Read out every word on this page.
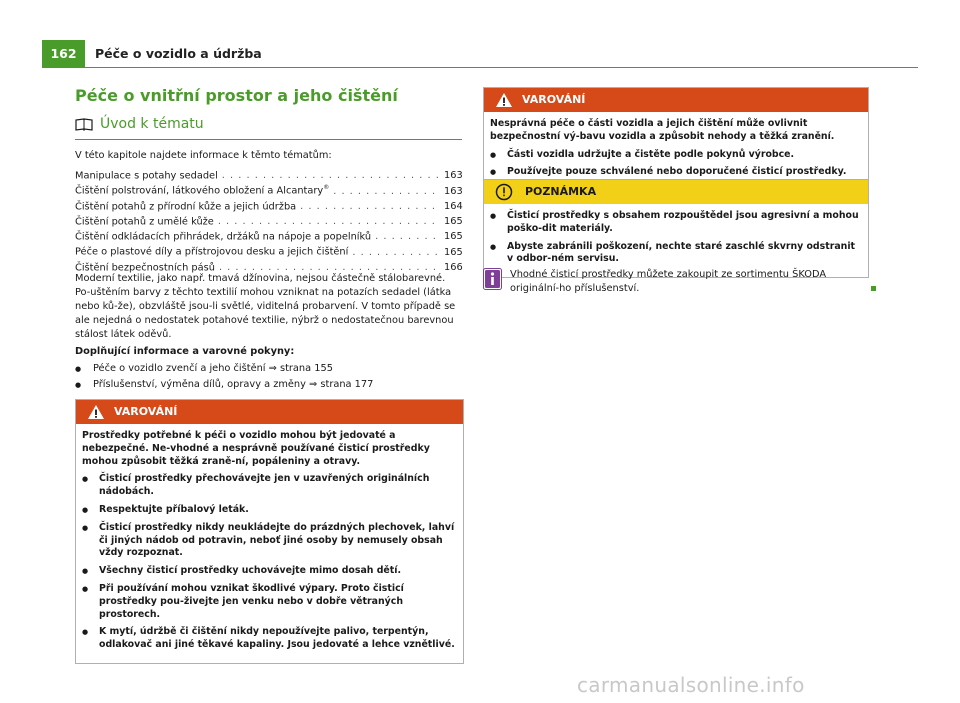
162	Péče o vozidlo a údržba
Péče o vnitřní prostor a jeho čištění
Úvod k tématu
V této kapitole najdete informace k těmto tématům:
Manipulace s potahy sedadel . . .	163
Čištění polstrování, látkového obložení a Alcantary® . . .	163
Čištění potahů z přírodní kůže a jejich údržba . . .	164
Čištění potahů z umělé kůže . . .	165
Čištění odkládacích přihrádek, držáků na nápoje a popelníků . . .	165
Péče o plastové díly a přístrojovou desku a jejich čištění . . .	165
Čištění bezpečnostních pásů . . .	166
Moderní textilie, jako např. tmavá džínovina, nejsou částečně stálobarevné. Po-uštěním barvy z těchto textilií mohou vzniknat na potazích sedadel (látka nebo ků-že), obzvláště jsou-li světlé, viditelná probarvení. V tomto případě se ale nejedná o nedostatek potahové textilie, nýbrž o nedostatečnou barevnou stálost látek oděvů.
Doplňující informace a varovné pokyny:
● Péče o vozidlo zvenčí a jeho čištění ⇒ strana 155
● Příslušenství, výměna dílů, opravy a změny ⇒ strana 177
VAROVÁNÍ
Prostředky potřebné k péči o vozidlo mohou být jedovaté a nebezpečné. Ne-vhodné a nesprávně používané čisticí prostředky mohou způsobit těžká zraně-ní, popáleniny a otravy.
● Čisticí prostředky přechovávejte jen v uzavřených originálních nádobách.
● Respektujte příbalový leták.
● Čisticí prostředky nikdy neukládejte do prázdných plechovek, lahví či jiných nádob od potravin, neboť jiné osoby by nemusely obsah vždy rozpoznat.
● Všechny čisticí prostředky uchovávejte mimo dosah dětí.
● Při používání mohou vznikat škodlivé výpary. Proto čisticí prostředky pou-živejte jen venku nebo v dobře větraných prostorech.
● K mytí, údržbě či čištění nikdy nepoužívejte palivo, terpentýn, odlakovač ani jiné těkavé kapaliny. Jsou jedovaté a lehce vznětlivé.
VAROVÁNÍ
Nesprávná péče o části vozidla a jejich čištění může ovlivnit bezpečnostní vý-bavu vozidla a způsobit nehody a těžká zranění.
● Části vozidla udržujte a čistěte podle pokynů výrobce.
● Používejte pouze schválené nebo doporučené čisticí prostředky.
POZNÁMKA
● Čisticí prostředky s obsahem rozpouštědel jsou agresivní a mohou poško-dit materiály.
● Abyste zabránili poškození, nechte staré zaschlé skvrny odstranit v odbor-ném servisu.
Vhodné čisticí prostředky můžete zakoupit ze sortimentu ŠKODA originální-ho příslušenství.
carmanualsonline.info
